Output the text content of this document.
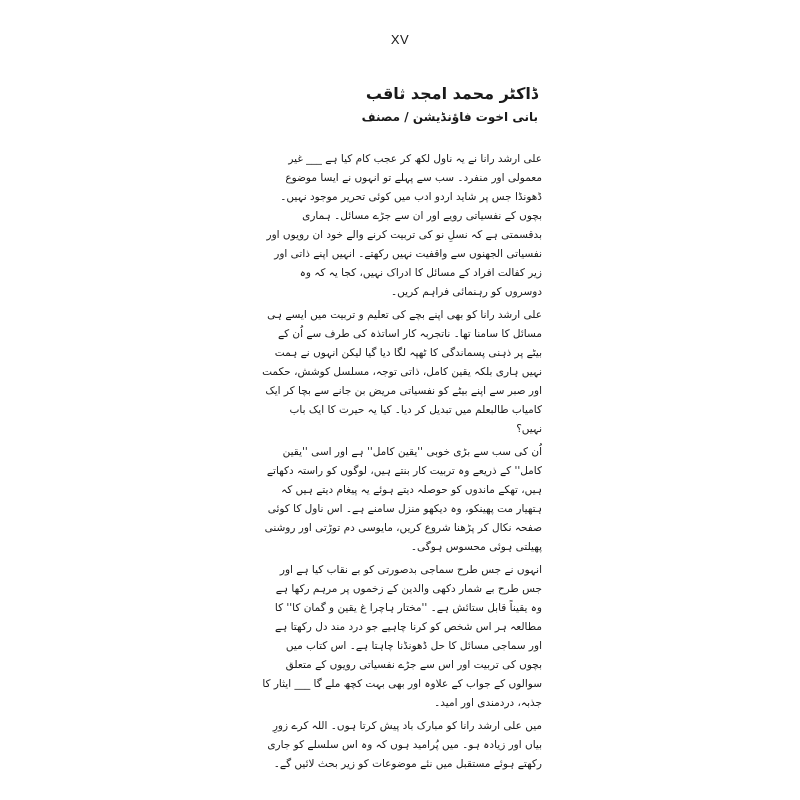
XV
ڈاکٹر محمد امجد ثاقب
بانی اخوت فاؤنڈیشن / مصنف

علی ارشد رانا نے یہ ناول لکھ کر عجب کام کیا ہے ___ غیر معمولی اور منفرد۔ سب سے پہلے تو انہوں نے ایسا موضوع ڈھونڈا جس پر شاید اردو ادب میں کوئی تحریر موجود نہیں۔ بچوں کے نفسیاتی رویے اور ان سے جڑے مسائل۔ ہماری بدقسمتی ہے کہ نسلِ نو کی تربیت کرنے والے خود ان رویوں اور نفسیاتی الجھنوں سے واقفیت نہیں رکھتے۔ انہیں اپنے ذاتی اور زیر کفالت افراد کے مسائل کا ادراک نہیں، کجا یہ کہ وہ دوسروں کو رہنمائی فراہم کریں۔

علی ارشد رانا کو بھی اپنے بچے کی تعلیم و تربیت میں ایسے ہی مسائل کا سامنا تھا۔ ناتجربہ کار اساتذہ کی طرف سے اُن کے بیٹے پر ذہنی پسماندگی کا ٹھپہ لگا دیا گیا لیکن انہوں نے ہمت نہیں ہاری بلکہ یقین کامل، ذاتی توجہ، مسلسل کوشش، حکمت اور صبر سے اپنے بیٹے کو نفسیاتی مریض بن جانے سے بچا کر ایک کامیاب طالبعلم میں تبدیل کر دیا۔ کیا یہ حیرت کا ایک باب نہیں؟

اُن کی سب سے بڑی خوبی ''یقین کامل'' ہے اور اسی ''یقین کامل'' کے ذریعے وہ تربیت کار بنتے ہیں، لوگوں کو راستہ دکھاتے ہیں، تھکے ماندوں کو حوصلہ دیتے ہوئے یہ پیغام دیتے ہیں کہ ہتھیار مت پھینکو، وہ دیکھو منزل سامنے ہے۔ اس ناول کا کوئی صفحہ نکال کر پڑھنا شروع کریں، مایوسی دم توڑتی اور روشنی پھیلتی ہوئی محسوس ہوگی۔

انہوں نے جس طرح سماجی بدصورتی کو بے نقاب کیا ہے اور جس طرح بے شمار دکھی والدین کے زخموں پر مرہم رکھا ہے وہ یقیناً قابل ستائش ہے۔ ''مختار ہاچرا غ یقین و گمان کا'' کا مطالعہ ہر اس شخص کو کرنا چاہیے جو درد مند دل رکھتا ہے اور سماجی مسائل کا حل ڈھونڈنا چاہتا ہے۔ اس کتاب میں بچوں کی تربیت اور اس سے جڑے نفسیاتی رویوں کے متعلق سوالوں کے جواب کے علاوہ اور بھی بہت کچھ ملے گا ___ ایثار کا جذبہ، دردمندی اور امید۔

میں علی ارشد رانا کو مبارک باد پیش کرتا ہوں۔ اللہ کرے زورِ بیاں اور زیادہ ہو۔ میں پُرامید ہوں کہ وہ اس سلسلے کو جاری رکھتے ہوئے مستقبل میں نئے موضوعات کو زیر بحث لائیں گے۔
